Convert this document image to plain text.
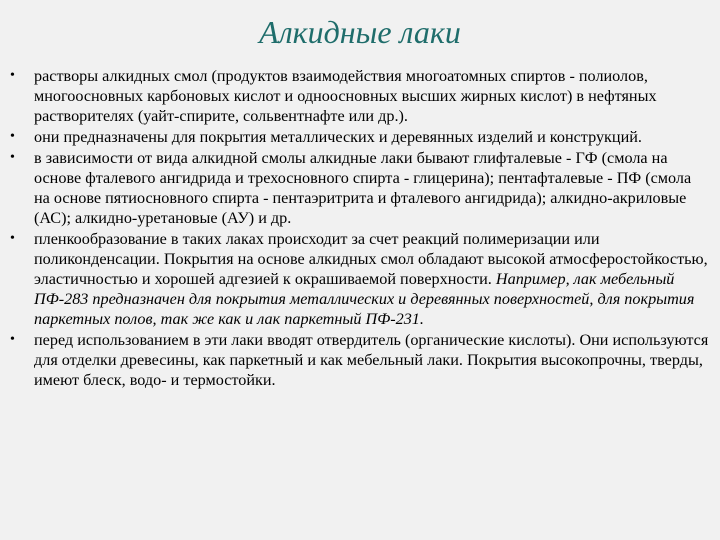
Алкидные лаки
•	растворы алкидных смол (продуктов взаимодействия многоатомных спиртов - полиолов, многоосновных карбоновых кислот и одноосновных высших жирных кислот) в нефтяных растворителях (уайт-спирите, сольвентнафте или др.).
•	они предназначены для покрытия металлических и деревянных изделий и конструкций.
•	в зависимости от вида алкидной смолы алкидные лаки бывают глифталевые - ГФ (смола на основе фталевого ангидрида и трехосновного спирта - глицерина); пентафталевые - ПФ (смола на основе пятиосновного спирта - пентаэритрита и фталевого ангидрида); алкидно-акриловые (АС); алкидно-уретановые (АУ) и др.
•	пленкообразование в таких лаках происходит за счет реакций полимеризации или поликонденсации. Покрытия на основе алкидных смол обладают высокой атмосферостойкостью, эластичностью и хорошей адгезией к окрашиваемой поверхности. Например, лак мебельный ПФ-283 предназначен для покрытия металлических и деревянных поверхностей, для покрытия паркетных полов, так же как и лак паркетный ПФ-231.
•	перед использованием в эти лаки вводят отвердитель (органические кислоты). Они используются для отделки древесины, как паркетный и как мебельный лаки. Покрытия высокопрочны, тверды, имеют блеск, водо- и термостойки.
